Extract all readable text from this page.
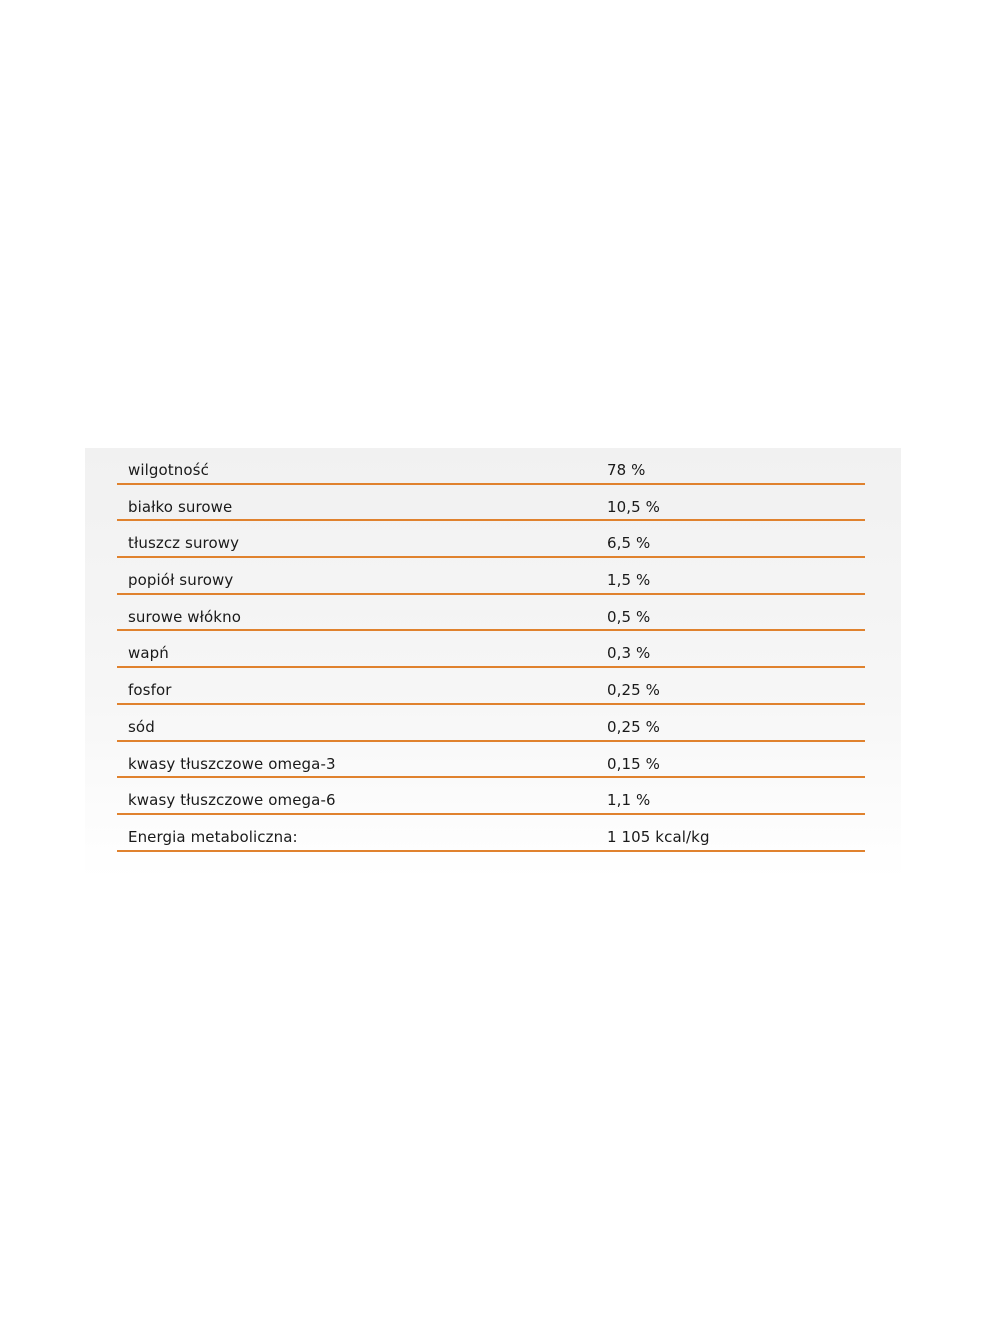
wilgotność	78 %
białko surowe	10,5 %
tłuszcz surowy	6,5 %
popiół surowy	1,5 %
surowe włókno	0,5 %
wapń	0,3 %
fosfor	0,25 %
sód	0,25 %
kwasy tłuszczowe omega-3	0,15 %
kwasy tłuszczowe omega-6	1,1 %
Energia metaboliczna:	1 105 kcal/kg
